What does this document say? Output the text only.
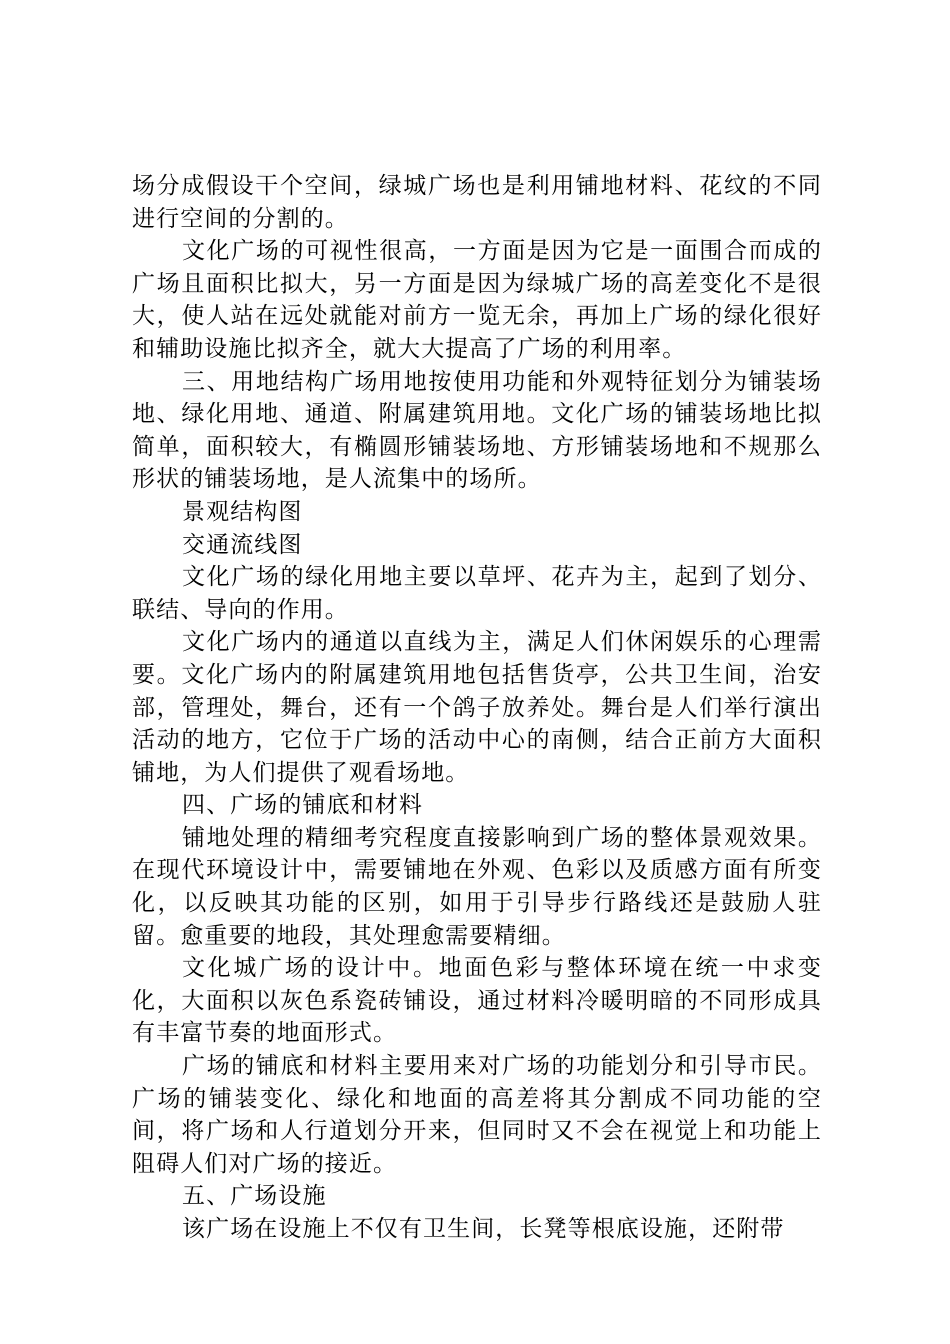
场分成假设干个空间，绿城广场也是利用铺地材料、花纹的不同进行空间的分割的。

文化广场的可视性很高，一方面是因为它是一面围合而成的广场且面积比拟大，另一方面是因为绿城广场的高差变化不是很大，使人站在远处就能对前方一览无余，再加上广场的绿化很好和辅助设施比拟齐全，就大大提高了广场的利用率。

三、用地结构广场用地按使用功能和外观特征划分为铺装场地、绿化用地、通道、附属建筑用地。文化广场的铺装场地比拟简单，面积较大，有椭圆形铺装场地、方形铺装场地和不规那么形状的铺装场地，是人流集中的场所。

景观结构图

交通流线图

文化广场的绿化用地主要以草坪、花卉为主，起到了划分、联结、导向的作用。

文化广场内的通道以直线为主，满足人们休闲娱乐的心理需要。文化广场内的附属建筑用地包括售货亭，公共卫生间，治安部，管理处，舞台，还有一个鸽子放养处。舞台是人们举行演出活动的地方，它位于广场的活动中心的南侧，结合正前方大面积铺地，为人们提供了观看场地。

四、广场的铺底和材料

铺地处理的精细考究程度直接影响到广场的整体景观效果。在现代环境设计中，需要铺地在外观、色彩以及质感方面有所变化，以反映其功能的区别，如用于引导步行路线还是鼓励人驻留。愈重要的地段，其处理愈需要精细。

文化城广场的设计中。地面色彩与整体环境在统一中求变化，大面积以灰色系瓷砖铺设，通过材料冷暖明暗的不同形成具有丰富节奏的地面形式。

广场的铺底和材料主要用来对广场的功能划分和引导市民。广场的铺装变化、绿化和地面的高差将其分割成不同功能的空间，将广场和人行道划分开来，但同时又不会在视觉上和功能上阻碍人们对广场的接近。

五、广场设施

该广场在设施上不仅有卫生间，长凳等根底设施，还附带
